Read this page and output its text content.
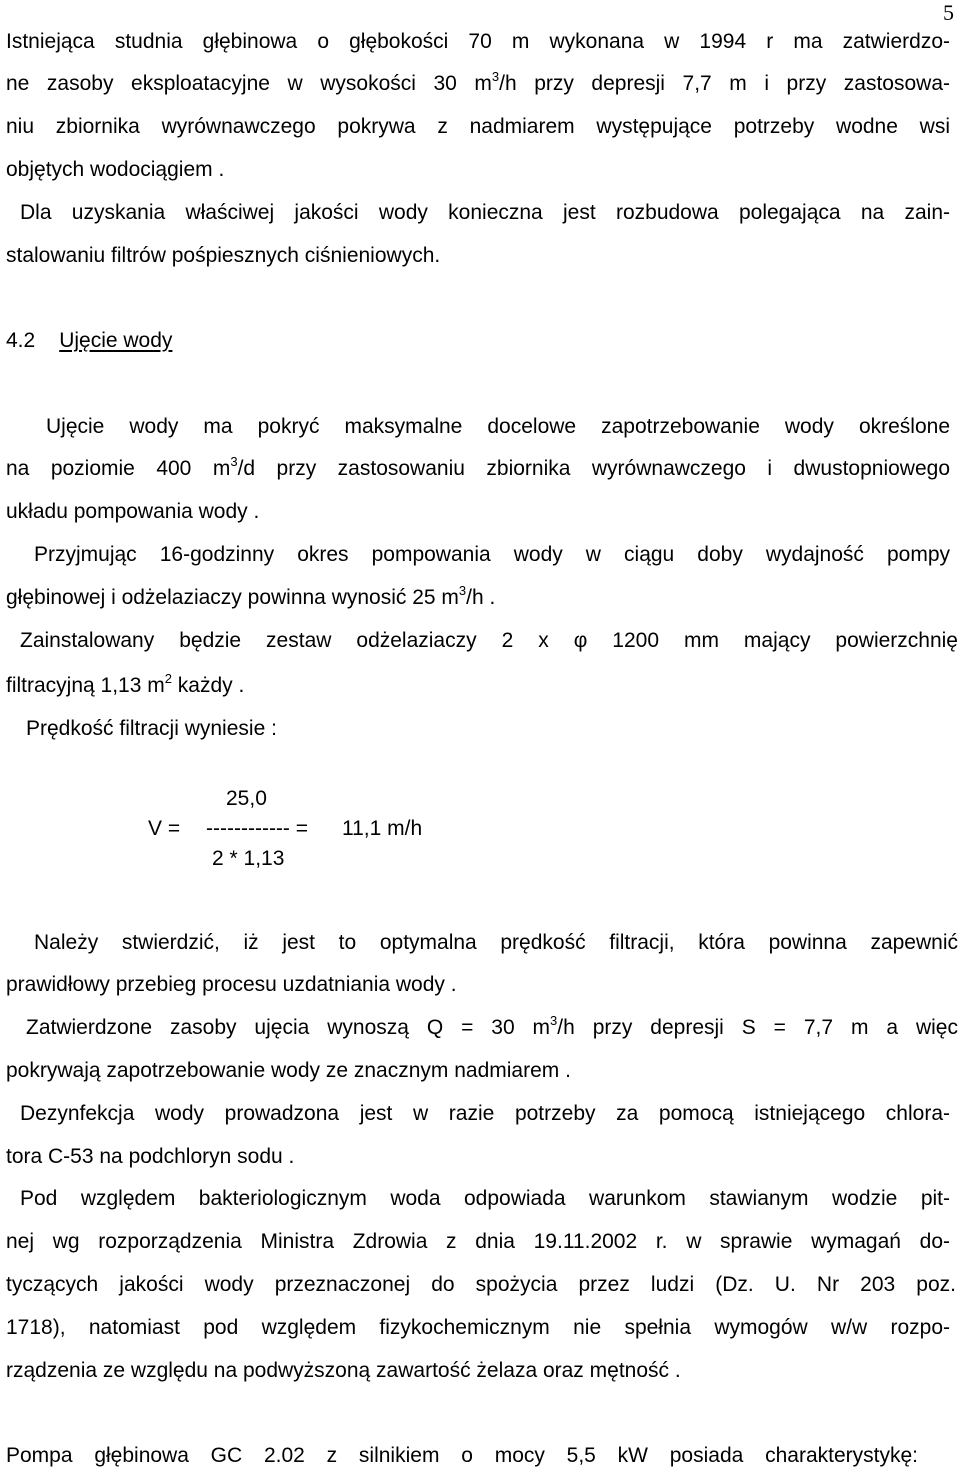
5
Istniejąca studnia głębinowa o głębokości 70 m wykonana w 1994 r ma zatwierdzo-
ne zasoby eksploatacyjne w wysokości 30 $m^3/h$ przy depresji 7,7 m i przy zastosowa-
niu zbiornika wyrównawczego pokrywa z nadmiarem występujące potrzeby wodne wsi
objętych wodociągiem .
Dla uzyskania właściwej jakości wody konieczna jest rozbudowa polegająca na zain-
stalowaniu filtrów pośpiesznych ciśnieniowych.
4.2 Ujęcie wody
Ujęcie wody ma pokryć maksymalne docelowe zapotrzebowanie wody określone
na poziomie 400 $m^3/d$ przy zastosowaniu zbiornika wyrównawczego i dwustopniowego
układu pompowania wody .
Przyjmując 16-godzinny okres pompowania wody w ciągu doby wydajność pompy
głębinowej i odżelaziaczy powinna wynosić 25 $m^3/h$ .
Zainstalowany będzie zestaw odżelaziaczy 2 x φ 1200 mm mający powierzchnię
filtracyjną 1,13 $m^2$ każdy .
Prędkość filtracji wyniesie :
25,0
V = ------------ = 11,1 m/h
2 * 1,13
Należy stwierdzić, iż jest to optymalna prędkość filtracji, która powinna zapewnić
prawidłowy przebieg procesu uzdatniania wody .
Zatwierdzone zasoby ujęcia wynoszą Q = 30 $m^3/h$ przy depresji S = 7,7 m a więc
pokrywają zapotrzebowanie wody ze znacznym nadmiarem .
Dezynfekcja wody prowadzona jest w razie potrzeby za pomocą istniejącego chlora-
tora C-53 na podchloryn sodu .
Pod względem bakteriologicznym woda odpowiada warunkom stawianym wodzie pit-
nej wg rozporządzenia Ministra Zdrowia z dnia 19.11.2002 r. w sprawie wymagań do-
tyczących jakości wody przeznaczonej do spożycia przez ludzi (Dz. U. Nr 203 poz.
1718), natomiast pod względem fizykochemicznym nie spełnia wymogów w/w rozpo-
rządzenia ze względu na podwyższoną zawartość żelaza oraz mętność .
Pompa głębinowa GC 2.02 z silnikiem o mocy 5,5 kW posiada charakterystykę:
